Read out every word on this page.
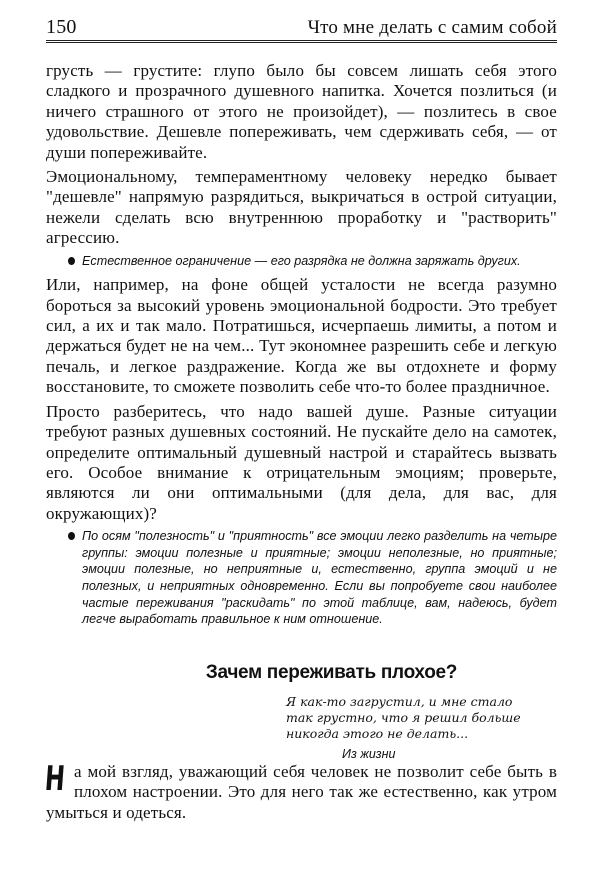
150	Что мне делать с самим собой

грусть — грустите: глупо было бы совсем лишать себя этого сладкого и прозрачного душевного напитка. Хочется позлиться (и ничего страшного от этого не произойдет), — позлитесь в свое удовольствие. Дешевле попереживать, чем сдерживать себя, — от души попереживайте.

Эмоциональному, темпераментному человеку нередко бывает "дешевле" напрямую разрядиться, выкричаться в острой ситуации, нежели сделать всю внутреннюю проработку и "растворить" агрессию.

Естественное ограничение — его разрядка не должна заряжать других.

Или, например, на фоне общей усталости не всегда разумно бороться за высокий уровень эмоциональной бодрости. Это требует сил, а их и так мало. Потратишься, исчерпаешь лимиты, а потом и держаться будет не на чем... Тут экономнее разрешить себе и легкую печаль, и легкое раздражение. Когда же вы отдохнете и форму восстановите, то сможете позволить себе что-то более праздничное.

Просто разберитесь, что надо вашей душе. Разные ситуации требуют разных душевных состояний. Не пускайте дело на самотек, определите оптимальный душевный настрой и старайтесь вызвать его. Особое внимание к отрицательным эмоциям; проверьте, являются ли они оптимальными (для дела, для вас, для окружающих)?

По осям "полезность" и "приятность" все эмоции легко разделить на четыре группы: эмоции полезные и приятные; эмоции неполезные, но приятные; эмоции полезные, но неприятные и, естественно, группа эмоций и не полезных, и неприятных одновременно. Если вы попробуете свои наиболее частые переживания "раскидать" по этой таблице, вам, надеюсь, будет легче выработать правильное к ним отношение.
Зачем переживать плохое?
Я как-то загрустил, и мне стало
так грустно, что я решил больше
никогда этого не делать...
Из жизни

На мой взгляд, уважающий себя человек не позволит себе быть в плохом настроении. Это для него так же естественно, как утром умыться и одеться.
